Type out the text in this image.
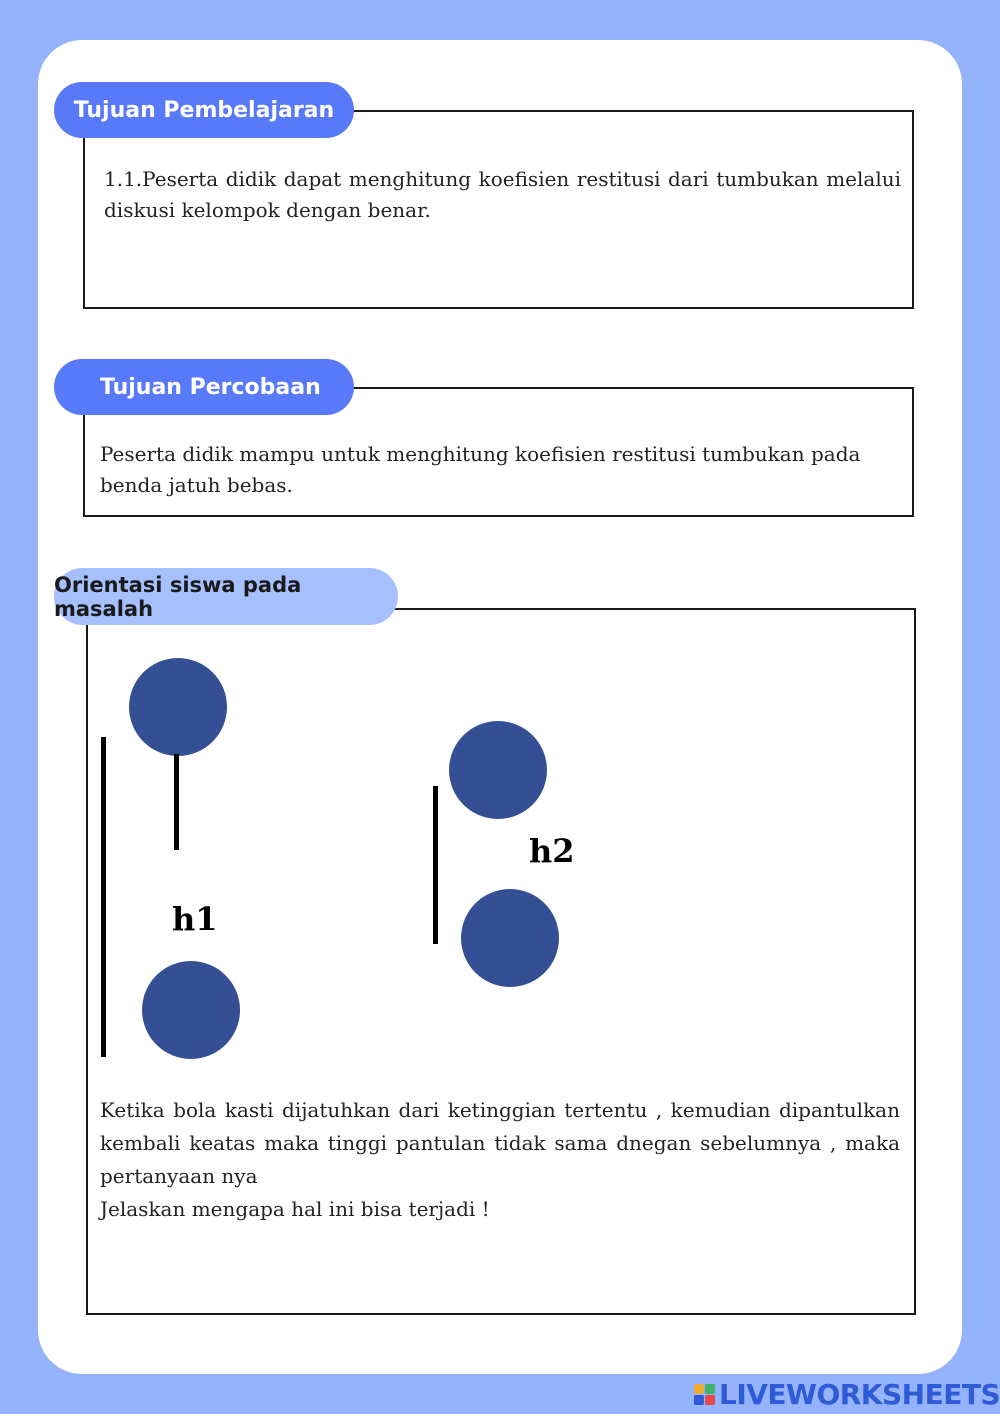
1.1.Peserta didik dapat menghitung koefisien restitusi dari tumbukan melalui diskusi kelompok dengan benar.
Tujuan Pembelajaran
Peserta didik mampu untuk menghitung koefisien restitusi tumbukan pada benda jatuh bebas.
Tujuan Percobaan
h1
h2
Ketika bola kasti dijatuhkan dari ketinggian tertentu , kemudian dipantulkan kembali keatas maka tinggi pantulan tidak sama dnegan sebelumnya , maka pertanyaan nya
Jelaskan mengapa hal ini bisa terjadi !
Orientasi siswa pada masalah
LIVEWORKSHEETS
